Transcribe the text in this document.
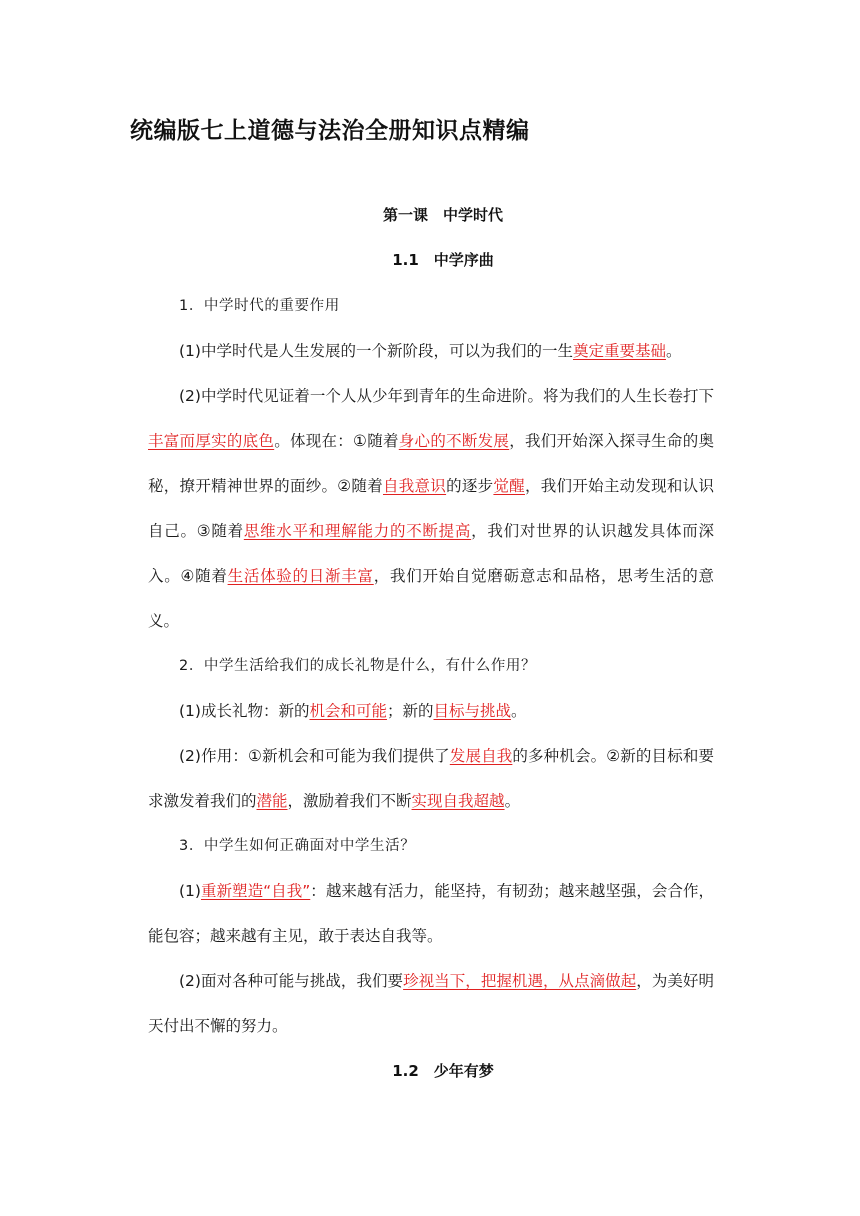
统编版七上道德与法治全册知识点精编
第一课　中学时代
1.1　中学序曲

1．中学时代的重要作用

(1)中学时代是人生发展的一个新阶段，可以为我们的一生奠定重要基础。

(2)中学时代见证着一个人从少年到青年的生命进阶。将为我们的人生长卷打下丰富而厚实的底色。体现在：①随着身心的不断发展，我们开始深入探寻生命的奥秘，撩开精神世界的面纱。②随着自我意识的逐步觉醒，我们开始主动发现和认识自己。③随着思维水平和理解能力的不断提高，我们对世界的认识越发具体而深入。④随着生活体验的日渐丰富，我们开始自觉磨砺意志和品格，思考生活的意义。

2．中学生活给我们的成长礼物是什么，有什么作用？

(1)成长礼物：新的机会和可能；新的目标与挑战。

(2)作用：①新机会和可能为我们提供了发展自我的多种机会。②新的目标和要求激发着我们的潜能，激励着我们不断实现自我超越。

3．中学生如何正确面对中学生活？

(1)重新塑造“自我”：越来越有活力，能坚持，有韧劲；越来越坚强，会合作，能包容；越来越有主见，敢于表达自我等。

(2)面对各种可能与挑战，我们要珍视当下，把握机遇，从点滴做起，为美好明天付出不懈的努力。

1.2　少年有梦
